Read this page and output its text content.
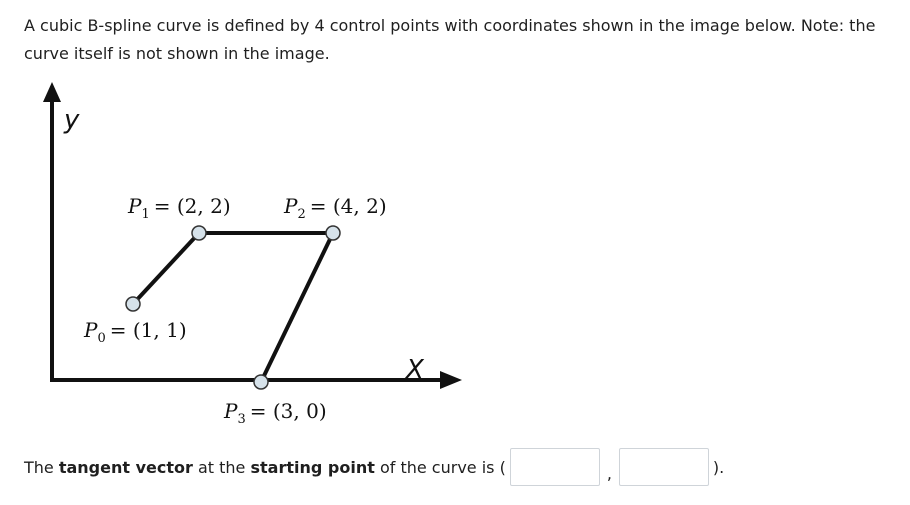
A cubic B-spline curve is defined by 4 control points with coordinates shown in the image below. Note: the
curve itself is not shown in the image.
y
X
$P_1 = (2$, 2)	$P_2 = (4$, 2)
$P_0 = (1$, 1)
$P_3 = (3$, 0)
The tangent vector at the starting point of the curve is (	,	).
